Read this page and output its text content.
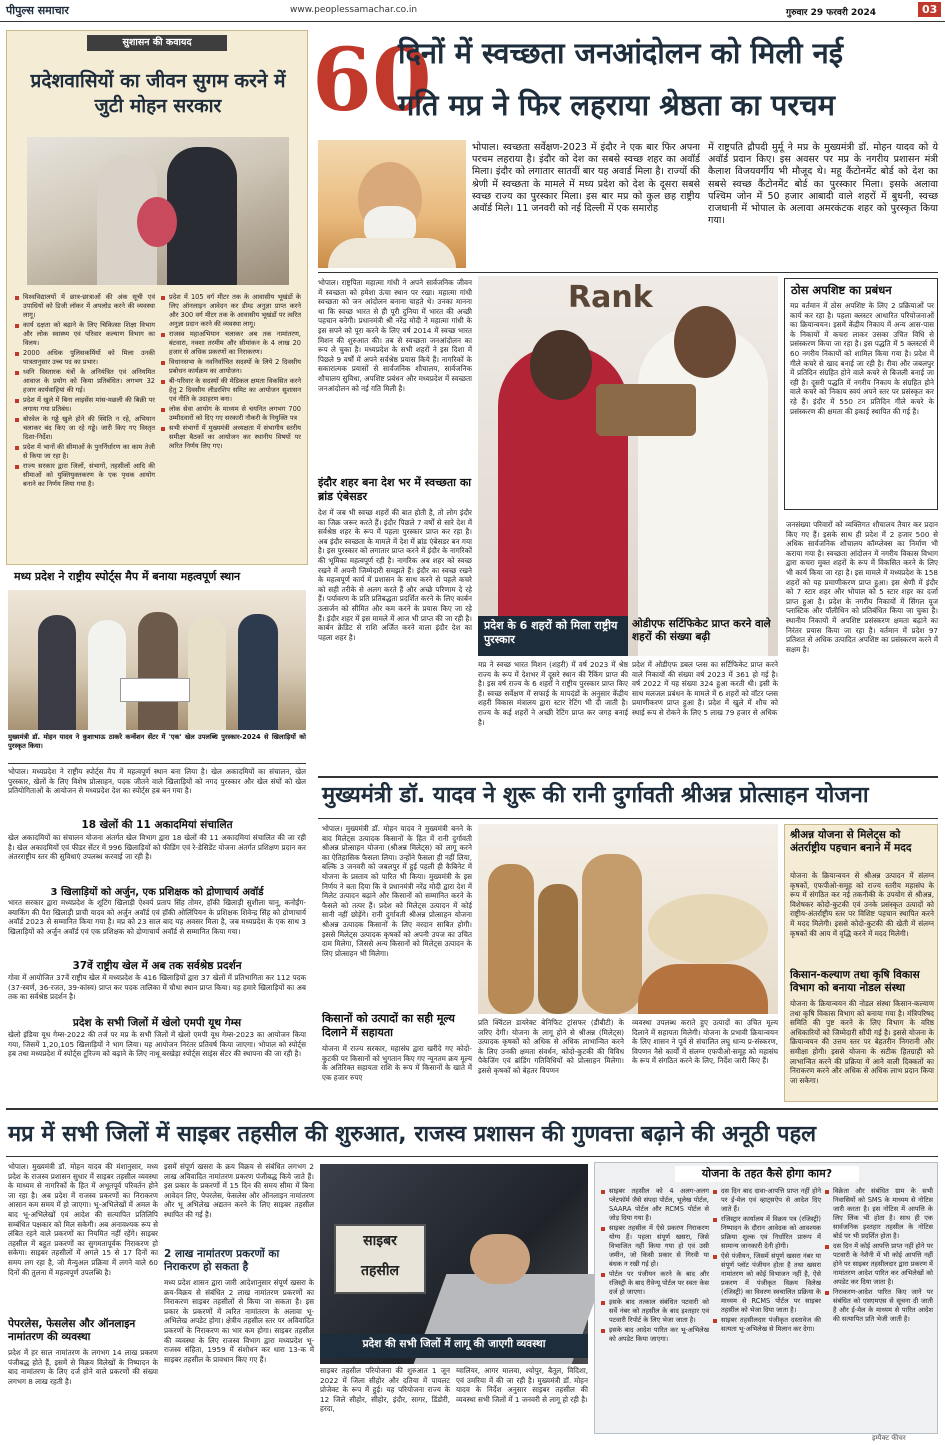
पीपुल्स समाचार	www.peoplessamachar.co.in	गुरुवार 29 फरवरी 2024	03
सुशासन की कवायद
प्रदेशवासियों का जीवन सुगम करने में जुटी मोहन सरकार
विश्वविद्यालयों में छात्र-छात्राओं की अंक सूची एवं उपाधियों को डिजी लॉकर में अपलोड करने की व्यवस्था लागू।
कार्य दक्षता को बढ़ाने के लिए चिकित्सा शिक्षा विभाग और लोक स्वास्थ्य एवं परिवार कल्याण विभाग का विलय।
2000 अधिक पुलिसकर्मियों को मिला उनकी पात्रतानुसार उच्च पद का प्रभार।
ध्वनि विस्तारक यंत्रों के अनियंत्रित एवं अनियमित आवाज के प्रयोग को किया प्रतिबंधित। लगभग 32 हजार कार्यवाहियां की गई।
प्रदेश में खुले में बिना लाइसेंस मांस-मछली की बिक्री पर लगाया गया प्रतिबंध।
बोरवेल के गड्ढे खुले होने की स्थिति न रहे, अभियान चलाकर बंद किए जा रहे गड्ढे। जारी किए गए विस्तृत दिशा-निर्देश।
प्रदेश में भानों की सीमाओं के पुनर्निर्धारण का काम तेजी से किया जा रहा है।
राज्य सरकार द्वारा जिलों, संभागों, तहसीलों आदि की सीमाओं को युक्तियुक्तकरण के एक पृथक आयोग बनाने का निर्णय लिया गया है।
प्रदेश में 105 वर्ग मीटर तक के आवासीय भूखंडों के लिए ऑनलाइन आवेदन कर डीम्ड अनुज्ञा प्राप्त करने और 300 वर्ग मीटर तक के आवासीय भूखंडों पर त्वरित अनुज्ञा प्रदान करने की व्यवस्था लागू।
राजस्व महाअभियान चलाकर अब तक नामांतरण, बंटवारा, नक्शा तरमीम और सीमांकन के 4 लाख 20 हजार से अधिक प्रकरणों का निराकरण।
विधानसभा के नवनिर्वाचित सदस्यों के लिये 2 दिवसीय प्रबोधन कार्यक्रम का आयोजन।
बी-परिवार के सदस्यों की मेडिकल क्षमता विकसित करने हेतु 2 दिवसीय लीडरशिप समिट का आयोजन सुशासन एवं नीति के उदाहरण बना।
लोक सेवा आयोग के माध्यम से चयनित लगभग 700 उम्मीदवारों को दिए गए सरकारी नौकरी के नियुक्ति पत्र
सभी संभागों में मुख्यमंत्री अध्यक्षता में संभागीय स्तरीय समीक्षा बैठकों का आयोजन कर स्थानीय विषयों पर त्वरित निर्णय लिए गए।
मध्य प्रदेश ने राष्ट्रीय स्पोर्ट्स मैप में बनाया महत्वपूर्ण स्थान
मुख्यमंत्री डॉ. मोहन यादव ने कुशाभाऊ ठाकरे कन्वेंशन सेंटर में 'एक' खेल उपलब्धि पुरस्कार-2024 से खिलाड़ियों को पुरस्कृत किया।
भोपाल। मध्यप्रदेश ने राष्ट्रीय स्पोर्ट्स मैप में महत्वपूर्ण स्थान बना लिया है। खेल अकादमियों का संचालन, खेल पुरस्कार, खेलों के लिए विशेष प्रोत्साहन, पदक जीतने वाले खिलाड़ियों को नगद पुरस्कार और खेल संघों को खेल प्रतियोगिताओं के आयोजन से मध्यप्रदेश देश का स्पोर्ट्स हब बन गया है।
18 खेलों की 11 अकादमियां संचालित
खेल अकादमियों का संचालन योजना अंतर्गत खेल विभाग द्वारा 18 खेलों की 11 अकादमियां संचालित की जा रही है। खेल अकादमियों एवं फीडर सेंटर में 996 खिलाड़ियों को फीडिंग एवं रे-डेसिडेंट योजना अंतर्गत प्रशिक्षण प्रदान कर अंतरराष्ट्रीय स्तर की सुविधाएं उपलब्ध करवाई जा रही है।
3 खिलाड़ियों को अर्जुन, एक प्रशिक्षक को द्रोणाचार्य अवॉर्ड
भारत सरकार द्वारा मध्यप्रदेश के शूटिंग खिलाड़ी ऐश्वर्य प्रताप सिंह तोमर, हॉकी खिलाड़ी सुशीला चानू, कनोईंग-क्याकिंग की पैरा खिलाड़ी प्राची यादव को अर्जुन अवॉर्ड एवं हॉकी ओलिंपियन के प्रशिक्षक शिवेन्द्र सिंह को द्रोणाचार्य अवॉर्ड 2023 से सम्मानित किया गया है। मप्र को 23 साल बाद यह अवसर मिला है, जब मध्यप्रदेश के एक साथ 3 खिलाड़ियों को अर्जुन अवॉर्ड एवं एक प्रशिक्षक को द्रोणाचार्य अवॉर्ड से सम्मानित किया गया।
37वें राष्ट्रीय खेल में अब तक सर्वश्रेष्ठ प्रदर्शन
गोवा में आयोजित 37वें राष्ट्रीय खेल में मध्यप्रदेश के 416 खिलाड़ियों द्वारा 37 खेलों में प्रतिभागिता कर 112 पदक (37-स्वर्ण, 36-रजत, 39-कांस्य) प्राप्त कर पदक तालिका में चौथा स्थान प्राप्त किया। यह हमारे खिलाड़ियों का अब तक का सर्वश्रेष्ठ प्रदर्शन है।
प्रदेश के सभी जिलों में खेलो एमपी यूथ गेम्स
खेलो इंडिया यूथ गेम्स-2022 की तर्ज पर मप्र के सभी जिलों में खेलो एमपी यूथ गेम्स-2023 का आयोजन किया गया, जिसमें 1,20,105 खिलाड़ियों ने भाग लिया। यह आयोजन निरंतर प्रतिवर्ष किया जाएगा। भोपाल को स्पोर्ट्स हब तथा मध्यप्रदेश में स्पोर्ट्स टूरिज्म को बढ़ाने के लिए नाथू बरखेड़ा स्पोर्ट्स साइंस सेंटर की स्थापना की जा रही है।
60
दिनों में स्वच्छता जनआंदोलन को मिली नई
गति मप्र ने फिर लहराया श्रेष्ठता का परचम
भोपाल। स्वच्छता सर्वेक्षण-2023 में इंदौर ने एक बार फिर अपना परचम लहराया है। इंदौर को देश का सबसे स्वच्छ शहर का अवॉर्ड मिला। इंदौर को लगातार सातवीं बार यह अवार्ड मिला है। राज्यों की श्रेणी में स्वच्छता के मामले में मध्य प्रदेश को देश के दूसरा सबसे स्वच्छ राज्य का पुरस्कार मिला। इस बार मप्र को कुल छह राष्ट्रीय अवॉर्ड मिले। 11 जनवरी को नई दिल्ली में एक समारोह
में राष्ट्रपति द्रौपदी मुर्मू ने मप्र के मुख्यमंत्री डॉ. मोहन यादव को ये अवॉर्ड प्रदान किए। इस अवसर पर मप्र के नगरीय प्रशासन मंत्री कैलाश विजयवर्गीय भी मौजूद थे। महू कैंटोनमेंट बोर्ड को देश का सबसे स्वच्छ कैंटोनमेंट बोर्ड का पुरस्कार मिला। इसके अलावा पश्चिम जोन में 50 हजार आबादी वाले शहरों में बुधनी, स्वच्छ राजधानी में भोपाल के अलावा अमरकंटक शहर को पुरस्कृत किया गया।
भोपाल। राष्ट्रपिता महात्मा गांधी ने अपने सार्वजनिक जीवन में स्वच्छता को हमेशा ऊंचा स्थान पर रखा। महात्मा गांधी स्वच्छता को जन आंदोलन बनाना चाहते थे। उनका मानना था कि स्वच्छ भारत से ही पूरी दुनिया में भारत की अच्छी पहचान बनेगी। प्रधानमंत्री श्री नरेंद्र मोदी ने महात्मा गांधी के इस सपने को पूरा करने के लिए वर्ष 2014 में स्वच्छ भारत मिशन की शुरुआत की। तब से स्वच्छता जनआंदोलन का रूप ले चुका है। मध्यप्रदेश के सभी शहरों ने इस दिशा में पिछले 9 वर्षों में अपने सर्वश्रेष्ठ प्रयास किये हैं। नागरिकों के सकारात्मक प्रयासों से सार्वजनिक शौचालय, सार्वजनिक शौचालय सुविधा, अपशिष्ट प्रबंधन और मध्यप्रदेश में स्वच्छता जनआंदोलन को नई गति मिली है।
इंदौर शहर बना देश भर में स्वच्छता का ब्रांड एंबेसडर
देश में जब भी स्वच्छ शहरों की बात होती है, तो लोग इंदौर का जिक्र जरूर करते हैं। इंदौर पिछले 7 वर्षों से सारे देश में सर्वश्रेष्ठ शहर के रूप में पहला पुरस्कार प्राप्त कर रहा है। अब इंदौर स्वच्छता के मामले में देश में ब्रांड एंबेसडर बन गया है। इस पुरस्कार को लगातार प्राप्त करने में इंदौर के नागरिकों की भूमिका महत्वपूर्ण रही है। नागरिक अब शहर को स्वच्छ रखने में अपनी जिम्मेदारी समझते हैं। इंदौर का स्वच्छ रखने के महत्वपूर्ण कार्य में प्रशासन के साथ करने से पहले कचरे को सही तरीके से अलग करते हैं और अच्छे परिणाम दे रहे हैं। पर्यावरण के प्रति प्रतिबद्धता प्रदर्शित करने के लिए कार्बन उत्सर्जन को सीमित और कम करने के प्रयास किए जा रहे हैं। इंदौर शहर में इस मामले में आज भी प्राप्त की जा रही है। कार्बन क्रेडिट से राशि अर्जित करने वाला इंदौर देश का पहला शहर है।
Rank
प्रदेश के 6 शहरों को मिला राष्ट्रीय पुरस्कार
ओडीएफ सर्टिफिकेट प्राप्त करने वाले शहरों की संख्या बढ़ी
मप्र ने स्वच्छ भारत मिशन (शहरी) में वर्ष 2023 में श्रेष्ठ राज्य के रूप में देशभर में दूसरे स्थान की रैंकिंग प्राप्त की है। इस वर्ष राज्य के 6 शहरों ने राष्ट्रीय पुरस्कार प्राप्त किए हैं। स्वच्छ सर्वेक्षण में सफाई के मापदंडों के अनुसार केंद्रीय शहरी विकास मंत्रालय द्वारा स्टार रेटिंग भी दी जाती है। राज्य के कई शहरों ने अच्छी रेटिंग प्राप्त कर जगह बनाई है।
प्रदेश में ओडीएफ डबल प्लस का सर्टिफिकेट प्राप्त करने वाले निकायों की संख्या वर्ष 2023 में 361 हो गई है। वर्ष 2022 में यह संख्या 324 हुआ करती थी। इसी के साथ मलजल प्रबंधन के मामले में 6 शहरों को वॉटर प्लस प्रमाणीकरण प्राप्त हुआ है। प्रदेश में खुले में शौच को स्थाई रूप से रोकने के लिए 5 लाख 79 हजार से अधिक
ठोस अपशिष्ट का प्रबंधन
मप्र वर्तमान में ठोस अपशिष्ट के लिए 2 प्रक्रियाओं पर कार्य कर रहा है। पहला क्लस्टर आधारित परियोजनाओं का क्रियान्वयन। इसमें केंद्रीय निकाय में अन्य आस-पास के निकायों में कचरा लाकर उसका उचित विधि से प्रसंस्करण किया जा रहा है। इस पद्धति में 5 क्लस्टर्स में 60 नगरीय निकायों को शामिल किया गया है। प्रदेश में गीले कचरे से खाद बनाई जा रही है। रीवा और जबलपुर में प्रतिदिन संग्रहित होने वाले कचरे से बिजली बनाई जा रही है। दूसरी पद्धति में नगरीय निकाय के संग्रहित होने वाले कचरे को निकाय स्वयं अपने स्तर पर प्रसंस्कृत कर रहे हैं। इंदौर में 550 टन प्रतिदिन गीले कचरे के प्रसंस्करण की क्षमता की इकाई स्थापित की गई है।
जनसंख्या परिवारों को व्यक्तिगत शौचालय तैयार कर प्रदान किए गए हैं। इसके साथ ही प्रदेश में 2 हजार 500 से अधिक सार्वजनिक शौचालय कॉम्प्लेक्स का निर्माण भी कराया गया है। स्वच्छता आंदोलन में नगरीय विकास विभाग द्वारा कचरा मुक्त शहरों के रूप में विकसित करने के लिए भी कार्य किया जा रहा है। इस मामले में मध्यप्रदेश के 158 शहरों को यह प्रमाणीकरण प्राप्त हुआ। इस श्रेणी में इंदौर को 7 स्टार शहर और भोपाल को 5 स्टार शहर का दर्जा प्राप्त हुआ है। प्रदेश के नगरीय निकायों में सिंगल यूज प्लास्टिक और पॉलीथिन को प्रतिबंधित किया जा चुका है। स्थानीय निकायों में अपशिष्ट प्रसंस्करण क्षमता बढ़ाने का निरंतर प्रयास किया जा रहा है। वर्तमान में प्रदेश 97 प्रतिशत से अधिक उत्पादित अपशिष्ट का प्रसंस्करण करने में सक्षम है।
मुख्यमंत्री डॉ. यादव ने शुरू की रानी दुर्गावती श्रीअन्न प्रोत्साहन योजना
भोपाल। मुख्यमंत्री डॉ. मोहन यादव ने मुख्यमंत्री बनने के बाद मिलेट्स उत्पादक किसानों के हित में रानी दुर्गावती श्रीअन्न प्रोत्साहन योजना (श्रीअन्न मिलेट्स) को लागू करने का ऐतिहासिक फैसला लिया। उन्होंने फैसला ही नहीं लिया, बल्कि 3 जनवरी को जबलपुर में हुई पहली ही कैबिनेट में योजना के प्रस्ताव को पारित भी किया। मुख्यमंत्री के इस निर्णय ने बता दिया कि वे प्रधानमंत्री नरेंद्र मोदी द्वारा देश में मिलेट उत्पादन बढ़ाने और किसानों को सम्मानित करने के फैसले को तत्पर हैं। प्रदेश को मिलेट्स उत्पादन में कोई सानी नहीं छोड़ेंगे। रानी दुर्गावती श्रीअन्न प्रोत्साहन योजना श्रीअन्न उत्पादक किसानों के लिए वरदान साबित होगी। इससे मिलेट्स उत्पादक कृषकों को अपनी उपज का उचित दाम मिलेगा, जिससे अन्य किसानों को मिलेट्स उत्पादन के लिए प्रोत्साहन भी मिलेगा।
किसानों को उत्पादों का सही मूल्य दिलाने में सहायता
योजना में राज्य सरकार, महासंघ द्वारा खरीदे गए कोदो-कुटकी पर किसानों को भुगतान किए गए न्यूनतम क्रय मूल्य के अतिरिक्त सहायता राशि के रूप में किसानों के खाते में एक हजार रुपए
प्रति क्विंटल डायरेक्ट बेनिफिट ट्रांसफर (डीबीटी) के जरिए देगी। योजना के लागू होने से श्रीअन्न (मिलेट्स) उत्पादक कृषकों को अधिक से अधिक लाभान्वित करने के लिए उनकी क्षमता संवर्धन, कोदो-कुटकी की विविध पैकेजिंग एवं ब्रांडिंग गतिविधियों को प्रोत्साहन मिलेगा। इससे कृषकों को बेहतर विपणन
व्यवस्था उपलब्ध कराते हुए उत्पादों का उचित मूल्य दिलाने में सहायता मिलेगी। योजना के प्रभावी क्रियान्वयन के लिए शासन ने पूर्व से संचालित लघु धान्य प्र-संस्करण, विपणन नैसे कार्यों में संलग्न एफपीओ-समूह को महासंघ के रूप में संगठित करने के लिए, निर्देश जारी किए हैं।
श्रीअन्न योजना से मिलेट्स को अंतर्राष्ट्रीय पहचान बनाने में मदद
योजना के क्रियान्वयन से श्रीअन्न उत्पादन में संलग्न कृषकों, एफपीओ-समूह को राज्य स्तरीय महासंघ के रूप में संगठित कर नई तकनीकी के उपयोग से श्रीअन्न, विशेषकर कोदो-कुटकी एवं उनके प्रसंस्कृत उत्पादों को राष्ट्रीय-अंतर्राष्ट्रीय स्तर पर विशिष्ट पहचान स्थापित करने में मदद मिलेगी। इससे कोदो-कुटकी की खेती में संलग्न कृषकों की आय में वृद्धि करने में मदद मिलेगी।
किसान-कल्याण तथा कृषि विकास विभाग को बनाया नोडल संस्था
योजना के क्रियान्वयन की नोडल संस्था किसान-कल्याण तथा कृषि विकास विभाग को बनाया गया है। मंत्रिपरिषद समिति की पुष्ट करने के लिए विभाग के वरिष्ठ अधिकारियों को जिम्मेदारी सौंपी गई है। इससे योजना के क्रियान्वयन की उत्तम स्तर पर बेहतरीन निगरानी और समीक्षा होगी। इससे योजना के सटीक हितग्राही को लाभान्वित करने की प्रक्रिया में आने वाली दिक्कतों का निराकरण करने और अधिक से अधिक लाभ प्रदान किया जा सकेगा।
मप्र में सभी जिलों में साइबर तहसील की शुरुआत, राजस्व प्रशासन की गुणवत्ता बढ़ाने की अनूठी पहल
भोपाल। मुख्यमंत्री डॉ. मोहन यादव की मंशानुसार, मध्य प्रदेश के राजस्व प्रशासन सुधार में साइबर तहसील व्यवस्था के माध्यम से नागरिकों के हित में अभूतपूर्व परिवर्तन होने जा रहा है। अब प्रदेश में राजस्व प्रकरणों का निराकरण आसान कम समय में हो जाएगा। भू-अभिलेखों में अमल के बाद भू-अभिलेखों एवं आदेश की सत्यापित प्रतिलिपि सम्बंधित पक्षकार को मिल सकेगी। अब अनावश्यक रूप से लंबित रहने वाले प्रकरणों का नियमित नहीं रहेंगे। साइबर तहसील में बहुत प्रकरणों का सुगमतापूर्वक निराकरण हो सकेगा। साइबर तहसीलों में अगले 15 से 17 दिनों का समय लग रहा है, जो मैन्युअल प्रक्रिया में लगने वाले 60 दिनों की तुलना में महत्वपूर्ण उपलब्धि है।
पेपरलेस, फेसलेस और ऑनलाइन नामांतरण की व्यवस्था
प्रदेश में हर साल नामांतरण के लगभग 14 लाख प्रकरण पंजीबद्ध होते हैं, इसमें से विक्रय विलेखों के निष्पादन के बाद नामांतरण के लिए दर्ज होने वाले प्रकरणों की संख्या लगभग 8 लाख रहती है।
इसमें संपूर्ण खसरा के क्रय विक्रय से संबंधित लगभग 2 लाख अविवादित नामांतरण प्रकरण पंजीबद्ध किये जाते हैं। इस प्रकार के प्रकरणों में 15 दिन की समय सीमा में बिना आवेदन लिए, पेपरलेस, फेसलेस और ऑनलाइन नामांतरण और भू अभिलेख अद्यतन करने के लिए साइबर तहसील स्थापित की गई है।
2 लाख नामांतरण प्रकरणों का निराकरण हो सकता है
मध्य प्रदेश शासन द्वारा जारी आदेशानुसार संपूर्ण खसरा के क्रय-विक्रय से संबंधित 2 लाख नामांतरण प्रकरणों का निराकरण साइबर तहसीलों से किया जा सकता है। इस प्रकार के प्रकरणों में त्वरित नामांतरण के अलावा भू-अभिलेख अपडेट होगा। क्षेत्रीय तहसील स्तर पर अविवादित प्रकरणों के निराकरण का भार कम होगा। साइबर तहसील की व्यवस्था के लिए राजस्व विभाग द्वारा मध्यप्रदेश भू-राजस्व संहिता, 1959 में संशोधन कर धारा 13-क में साइबर तहसील के प्रावधान किए गए हैं।
साइबर
तहसील
प्रदेश की सभी जिलों में लागू की जाएगी व्यवस्था
साइबर तहसील परियोजना की शुरुआत 1 जून 2022 में जिला सीहोर और दतिया में पायलट प्रोजेक्ट के रूप में हुई। यह परियोजना राज्य के 12 जिले सीहोर, सीहोर, इंदौर, सागर, डिंडोरी, हरदा,
ग्वालियर, आगर मालवा, श्योपुर, बैतूल, विदिशा, एवं उमरिया में की जा रही है। मुख्यमंत्री डॉ. मोहन यादव के निर्देश अनुसार साइबर तहसील की व्यवस्था सभी जिलों में 1 जनवरी से लागू हो रही है।
योजना के तहत कैसे होगा काम?
साइबर तहसील को 4 अलग-अलग प्लेटफॉर्म जैसे संपदा पोर्टल, भूलेख पोर्टल, SAARA पोर्टल और RCMS पोर्टल से जोड़ दिया गया है।
साइबर तहसील में ऐसे प्रकरण निराकरण योग्य हैं। पहला संपूर्ण खसरा, जिसे विभाजित नहीं किया गया हो एवं उसी जमीन, जो किसी प्रकार से गिरवी या बंधक न रखी गई हो।
पोर्टल पर पंजीयन करने के बाद और रजिस्ट्री के बाद रीवेन्यू पोर्टल पर स्वतः केस दर्ज हो जाएगा।
इसके बाद तत्काल संबंधित पटवारी को सर्वे नंबर को तहसील के बाद इश्तहार एवं पटवारी रिपोर्ट के लिए भेजा जाता है।
इसके बाद आदेश पारित कर भू-अभिलेख को अपडेट किया जाएगा।
दस दिन बाद दावा-आपत्ति प्राप्त नहीं होने पर ई-मेल एवं व्हाट्सऐप से आदेश दिए जाते हैं।
रजिस्ट्रार कार्यालय में विक्रय पत्र (रजिस्ट्री) निष्पादन के दौरान आवेदक को आवश्यक प्रक्रिया शुल्क एवं निर्धारित प्रारूप में सामान्य जानकारी देनी होगी।
ऐसे पंजीयन, जिसमें संपूर्ण खसरा नंबर या संपूर्ण प्लॉट पंजीयन होता है तथा खसरा नामांतरण को कोई विभाजन नहीं है, ऐसे प्रकरण में पंजीकृत विक्रय विलेख (रजिस्ट्री) का विवरण स्वचालित प्रक्रिया के माध्यम से RCMS पोर्टल पर साइबर तहसील को भेजा दिया जाता है।
साइबर तहसीलदार पंजीकृत दस्तावेज की सत्यता भू-अभिलेख से मिलान कर देगा।
विक्रेता और संबंधित ग्राम के सभी निवासियों को SMS के माध्यम से नोटिस जारी करता है। इस नोटिस में आपत्ति के लिए लिंक भी होता है। साथ ही एक सार्वजनिक इश्तहार तहसील के नोटिस बोर्ड पर भी प्रदर्शित होता है।
दस दिन में कोई आपत्ति प्राप्त नहीं होने पर पटवारी के नेशैनी में भी कोई आपत्ति नहीं होने पर साइबर तहसीलदार द्वारा प्रकरण में नामांतरण आदेश पारित कर अभिलेखों को अपडेट कर दिया जाता है।
निराकरण-आदेश पारित किए जाने पर संबंधित को एसएमएस से सूचना दी जाती है और ई-मेल के माध्यम से पारित आदेश की सत्यापित प्रति भेजी जाती है।
इम्पैक्ट फीचर
